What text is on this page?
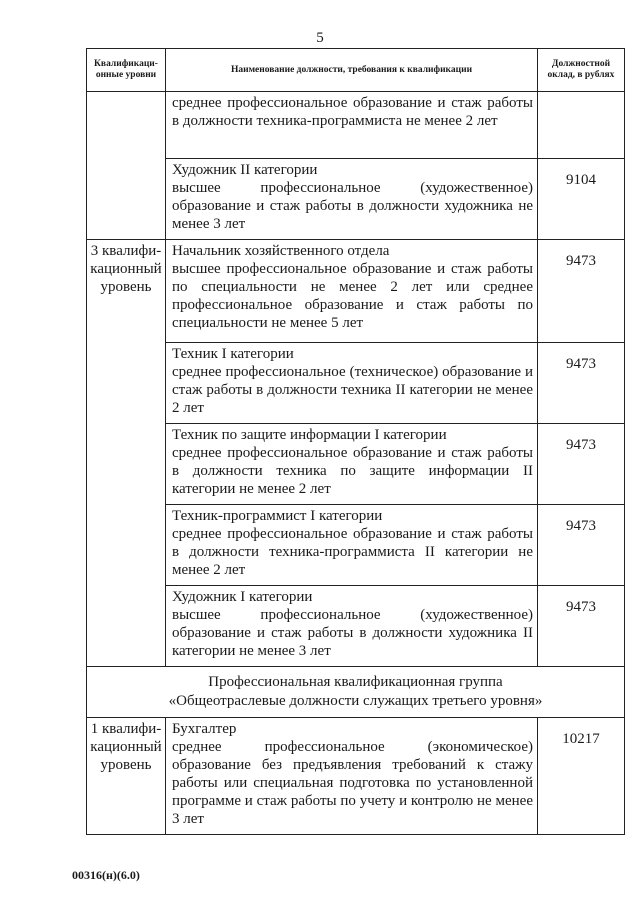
5
Квалификаци-онные уровни	Наименование должности, требования к квалификации	Должностной оклад, в рублях

	среднее профессиональное образование и стаж работы в должности техника-программиста не менее 2 лет	

	Художник II категории
высшее профессиональное (художественное) образование и стаж работы в должности художника не менее 3 лет	9104
3 квалифи-кационный уровень	Начальник хозяйственного отдела
высшее профессиональное образование и стаж работы по специальности не менее 2 лет или среднее профессиональное образование и стаж работы по специальности не менее 5 лет	9473

	Техник I категории
среднее профессиональное (техническое) образование и стаж работы в должности техника II категории не менее 2 лет	9473

	Техник по защите информации I категории
среднее профессиональное образование и стаж работы в должности техника по защите информации II категории не менее 2 лет	9473

	Техник-программист I категории
среднее профессиональное образование и стаж работы в должности техника-программиста II категории не менее 2 лет	9473

	Художник I категории
высшее профессиональное (художественное) образование и стаж работы в должности художника II категории не менее 3 лет	9473

Профессиональная квалификационная группа
«Общеотраслевые должности служащих третьего уровня»		

1 квалифи-кационный уровень	Бухгалтер
среднее профессиональное (экономическое) образование без предъявления требований к стажу работы или специальная подготовка по установленной программе и стаж работы по учету и контролю не менее 3 лет	10217
00316(н)(6.0)
